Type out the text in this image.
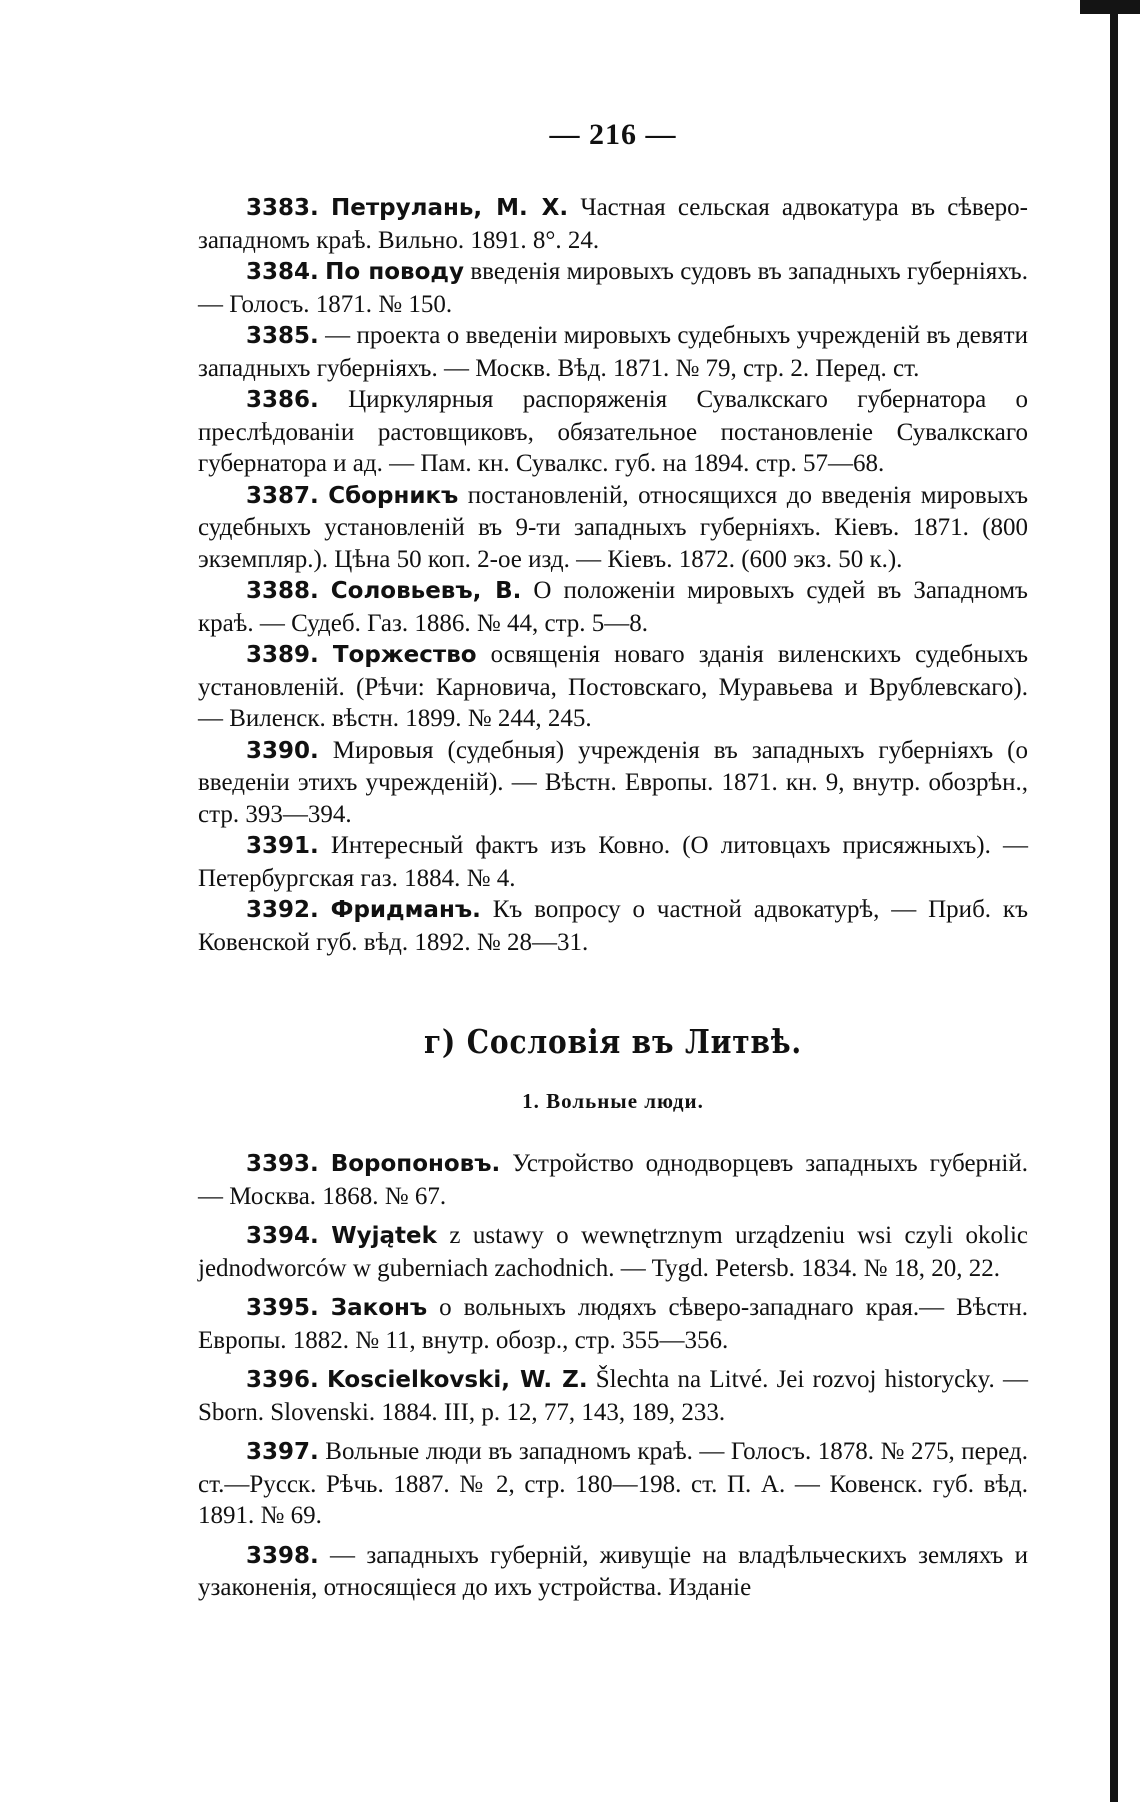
— 216 —

3383. Петрулань, М. Х. Частная сельская адвокатура въ сѣверо-западномъ краѣ. Вильно. 1891. 8°. 24.

3384. По поводу введенія мировыхъ судовъ въ западныхъ губерніяхъ. — Голосъ. 1871. № 150.

3385. — проекта о введеніи мировыхъ судебныхъ учрежденій въ девяти западныхъ губерніяхъ. — Москв. Вѣд. 1871. № 79, стр. 2. Перед. ст.

3386. Циркулярныя распоряженія Сувалкскаго губернатора о преслѣдованіи растовщиковъ, обязательное постановленіе Сувалкскаго губернатора и ад. — Пам. кн. Сувалкс. губ. на 1894. стр. 57—68.

3387. Сборникъ постановленій, относящихся до введенія мировыхъ судебныхъ установленій въ 9-ти западныхъ губерніяхъ. Кіевъ. 1871. (800 экземпляр.). Цѣна 50 коп. 2-ое изд. — Кіевъ. 1872. (600 экз. 50 к.).

3388. Соловьевъ, В. О положеніи мировыхъ судей въ Западномъ краѣ. — Судеб. Газ. 1886. № 44, стр. 5—8.

3389. Торжество освященія новаго зданія виленскихъ судебныхъ установленій. (Рѣчи: Карновича, Постовскаго, Муравьева и Врублевскаго). — Виленск. вѣстн. 1899. № 244, 245.

3390. Мировыя (судебныя) учрежденія въ западныхъ губерніяхъ (о введеніи этихъ учрежденій). — Вѣстн. Европы. 1871. кн. 9, внутр. обозрѣн., стр. 393—394.

3391. Интересный фактъ изъ Ковно. (О литовцахъ присяжныхъ). — Петербургская газ. 1884. № 4.

3392. Фридманъ. Къ вопросу о частной адвокатурѣ, — Приб. къ Ковенской губ. вѣд. 1892. № 28—31.

г) Сословія въ Литвѣ.
1. Вольные люди.

3393. Воропоновъ. Устройство однодворцевъ западныхъ губерній. — Москва. 1868. № 67.

3394. Wyjątek z ustawy o wewnętrznym urządzeniu wsi czyli okolic jednodworców w guberniach zachodnich. — Tygd. Petersb. 1834. № 18, 20, 22.

3395. Законъ о вольныхъ людяхъ сѣверо-западнаго края.— Вѣстн. Европы. 1882. № 11, внутр. обозр., стр. 355—356.

3396. Koscielkovski, W. Z. Šlechta na Litvé. Jei rozvoj historycky. — Sborn. Slovenski. 1884. III, p. 12, 77, 143, 189, 233.

3397. Вольные люди въ западномъ краѣ. — Голосъ. 1878. № 275, перед. ст.—Русск. Рѣчь. 1887. № 2, стр. 180—198. ст. П. А. — Ковенск. губ. вѣд. 1891. № 69.

3398. — западныхъ губерній, живущіе на владѣльческихъ земляхъ и узаконенія, относящіеся до ихъ устройства. Изданіе
